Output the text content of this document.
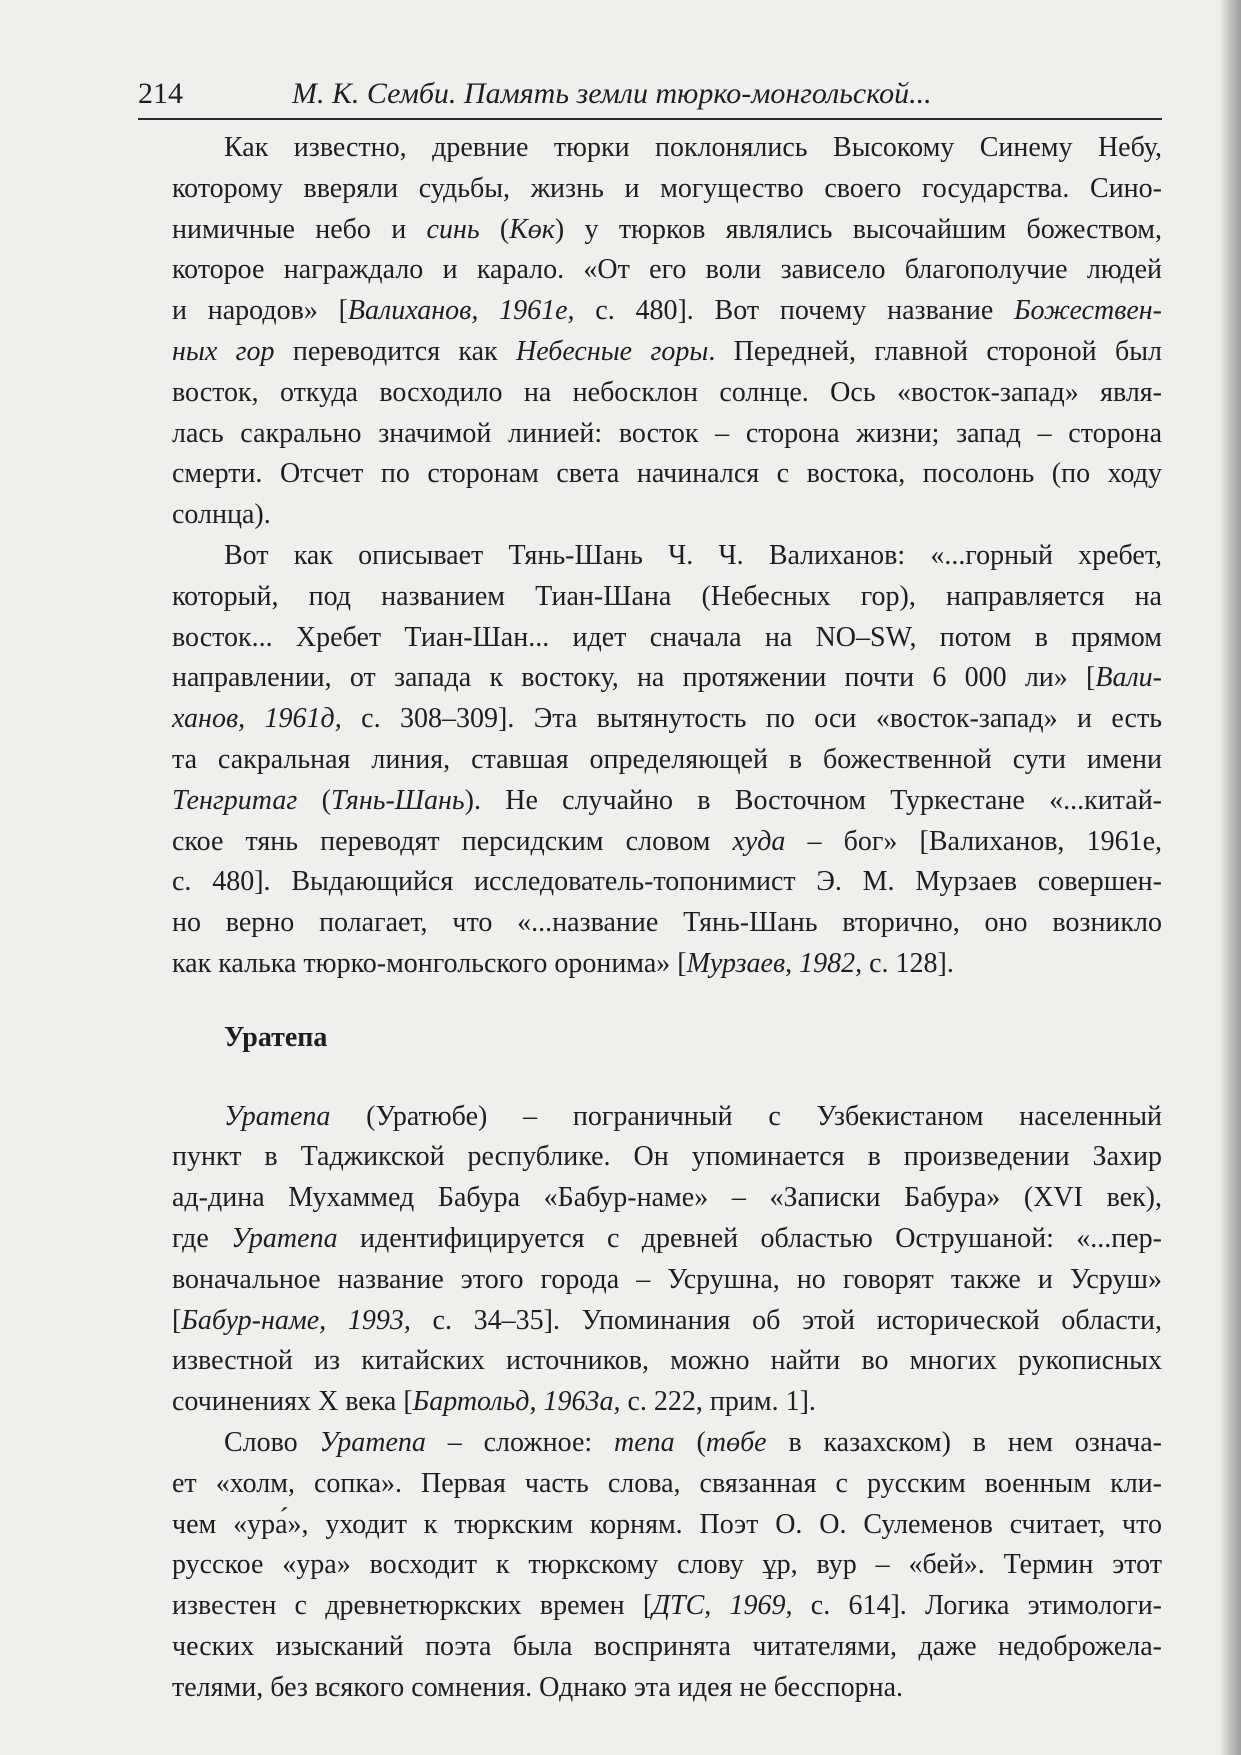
214	М. К. Семби. Память земли тюрко-монгольской...
Как известно, древние тюрки поклонялись Высокому Синему Небу,
которому вверяли судьбы, жизнь и могущество своего государства. Сино-
нимичные небо и синь (Көк) у тюрков являлись высочайшим божеством,
которое награждало и карало. «От его воли зависело благополучие людей
и народов» [Валиханов, 1961е, с. 480]. Вот почему название Божествен-
ных гор переводится как Небесные горы. Передней, главной стороной был
восток, откуда восходило на небосклон солнце. Ось «восток-запад» явля-
лась сакрально значимой линией: восток – сторона жизни; запад – сторона
смерти. Отсчет по сторонам света начинался с востока, посолонь (по ходу
солнца).
Вот как описывает Тянь-Шань Ч. Ч. Валиханов: «...горный хребет,
который, под названием Тиан-Шана (Небесных гор), направляется на
восток... Хребет Тиан-Шан... идет сначала на NO–SW, потом в прямом
направлении, от запада к востоку, на протяжении почти 6 000 ли» [Вали-
ханов, 1961д, с. 308–309]. Эта вытянутость по оси «восток-запад» и есть
та сакральная линия, ставшая определяющей в божественной сути имени
Тенгритаг (Тянь-Шань). Не случайно в Восточном Туркестане «...китай-
ское тянь переводят персидским словом худа – бог» [Валиханов, 1961е,
с. 480]. Выдающийся исследователь-топонимист Э. М. Мурзаев совершен-
но верно полагает, что «...название Тянь-Шань вторично, оно возникло
как калька тюрко-монгольского оронима» [Мурзаев, 1982, с. 128].
Уратепа
Уратепа (Уратюбе) – пограничный с Узбекистаном населенный
пункт в Таджикской республике. Он упоминается в произведении Захир
ад-дина Мухаммед Бабура «Бабур-наме» – «Записки Бабура» (XVI век),
где Уратепа идентифицируется с древней областью Острушаной: «...пер-
воначальное название этого города – Усрушна, но говорят также и Усруш»
[Бабур-наме, 1993, с. 34–35]. Упоминания об этой исторической области,
известной из китайских источников, можно найти во многих рукописных
сочинениях X века [Бартольд, 1963а, с. 222, прим. 1].
Слово Уратепа – сложное: тепа (төбе в казахском) в нем означа-
ет «холм, сопка». Первая часть слова, связанная с русским военным кли-
чем «ура́», уходит к тюркским корням. Поэт О. О. Сулеменов считает, что
русское «ура» восходит к тюркскому слову ұр, вур – «бей». Термин этот
известен с древнетюркских времен [ДТС, 1969, с. 614]. Логика этимологи-
ческих изысканий поэта была воспринята читателями, даже недоброжела-
телями, без всякого сомнения. Однако эта идея не бесспорна.
